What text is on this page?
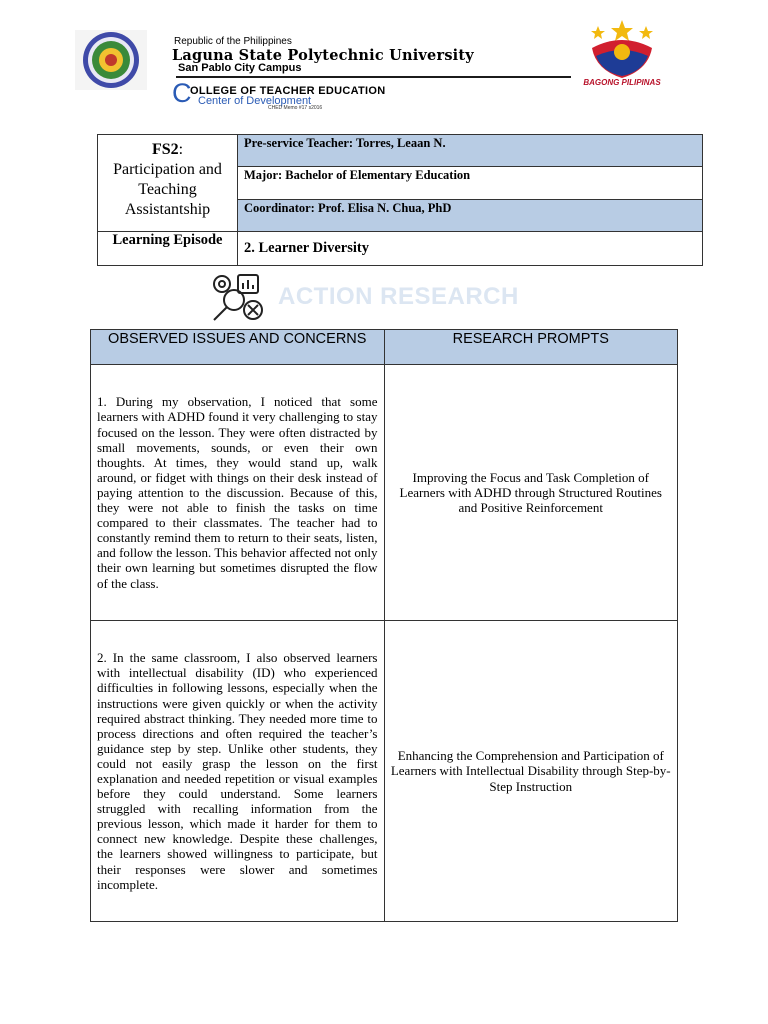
Republic of the Philippines
Laguna State Polytechnic University
San Pablo City Campus
C
OLLEGE OF TEACHER EDUCATION
Center of Development
CHED Memo #17 s2016
BAGONG PILIPINAS
FS2:
Participation and Teaching Assistantship	Pre-service Teacher: Torres, Leaan N.
	Major: Bachelor of Elementary Education
	Coordinator: Prof. Elisa N. Chua, PhD
Learning Episode	2. Learner Diversity
ACTION RESEARCH
OBSERVED ISSUES AND CONCERNS	RESEARCH PROMPTS
1. During my observation, I noticed that some learners with ADHD found it very challenging to stay focused on the lesson. They were often distracted by small movements, sounds, or even their own thoughts. At times, they would stand up, walk around, or fidget with things on their desk instead of paying attention to the discussion. Because of this, they were not able to finish the tasks on time compared to their classmates. The teacher had to constantly remind them to return to their seats, listen, and follow the lesson. This behavior affected not only their own learning but sometimes disrupted the flow of the class.	Improving the Focus and Task Completion of Learners with ADHD through Structured Routines and Positive Reinforcement
2. In the same classroom, I also observed learners with intellectual disability (ID) who experienced difficulties in following lessons, especially when the instructions were given quickly or when the activity required abstract thinking. They needed more time to process directions and often required the teacher’s guidance step by step. Unlike other students, they could not easily grasp the lesson on the first explanation and needed repetition or visual examples before they could understand. Some learners struggled with recalling information from the previous lesson, which made it harder for them to connect new knowledge. Despite these challenges, the learners showed willingness to participate, but their responses were slower and sometimes incomplete.	Enhancing the Comprehension and Participation of Learners with Intellectual Disability through Step-by-Step Instruction
